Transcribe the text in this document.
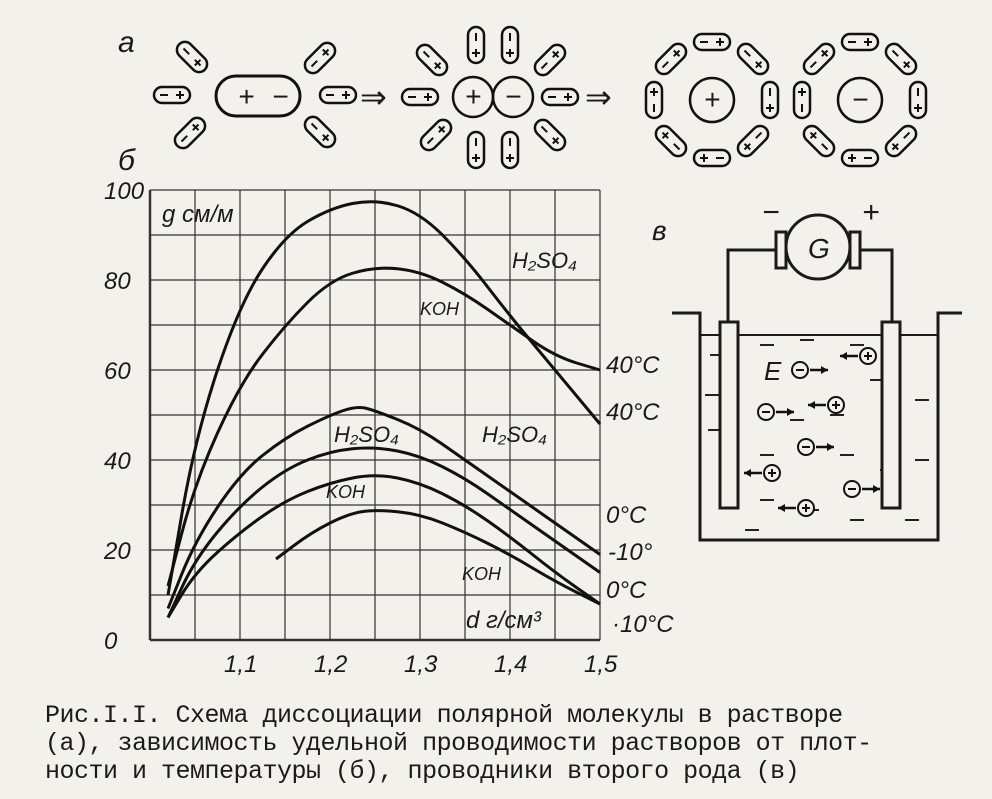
а
+ − ⇒	+ − ⇒	+	−
б
0
20
40
60
80
100
1,1 1,2 1,3 1,4 1,5
g см/м
d г/см³
H₂SO₄
KOH
H₂SO₄	H₂SO₄
KOH
KOH
40°C
40°C
0°C
-10°
0°C
·10°C
в
G
−	+
E
Рис.I.I. Схема диссоциации полярной молекулы в растворе
(а), зависимость удельной проводимости растворов от плот-
ности и температуры (б), проводники второго рода (в)
